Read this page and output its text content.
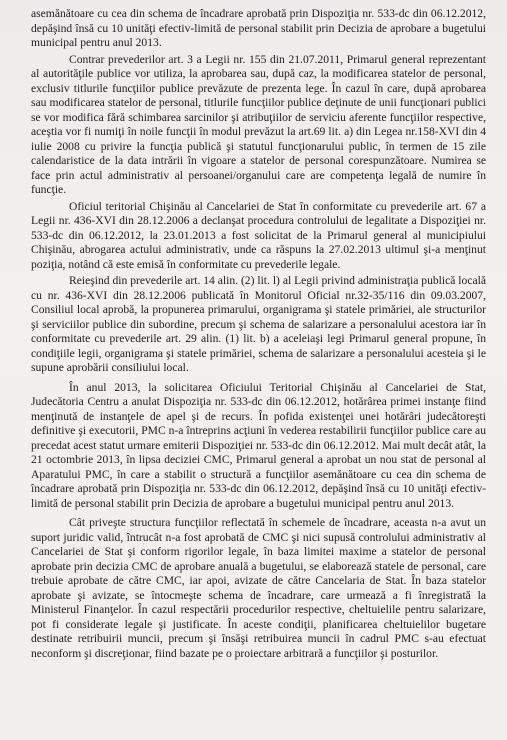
asemănătoare cu cea din schema de încadrare aprobată prin Dispoziţia nr. 533-dc din 06.12.2012, depăşind însă cu 10 unităţi efectiv-limită de personal stabilit prin Decizia de aprobare a bugetului municipal pentru anul 2013.

Contrar prevederilor art. 3 a Legii nr. 155 din 21.07.2011, Primarul general reprezentant al autorităţile publice vor utiliza, la aprobarea sau, după caz, la modificarea statelor de personal, exclusiv titlurile funcţiilor publice prevăzute de prezenta lege. În cazul în care, după aprobarea sau modificarea statelor de personal, titlurile funcţiilor publice deţinute de unii funcţionari publici se vor modifica fără schimbarea sarcinilor şi atribuţiilor de serviciu aferente funcţiilor respective, aceştia vor fi numiţi în noile funcţii în modul prevăzut la art.69 lit. a) din Legea nr.158-XVI din 4 iulie 2008 cu privire la funcţia publică şi statutul funcţionarului public, în termen de 15 zile calendaristice de la data intrării în vigoare a statelor de personal corespunzătoare. Numirea se face prin actul administrativ al persoanei/organului care are competenţa legală de numire în funcţie.

Oficiul teritorial Chişinău al Cancelariei de Stat în conformitate cu prevederile art. 67 a Legii nr. 436-XVI din 28.12.2006 a declanşat procedura controlului de legalitate a Dispoziţiei nr. 533-dc din 06.12.2012, la 23.01.2013 a fost solicitat de la Primarul general al municipiului Chişinău, abrogarea actului administrativ, unde ca răspuns la 27.02.2013 ultimul şi-a menţinut poziţia, notând că este emisă în conformitate cu prevederile legale.

Reieşind din prevederile art. 14 alin. (2) lit. l) al Legii privind administraţia publică locală cu nr. 436-XVI din 28.12.2006 publicată în Monitorul Oficial nr.32-35/116 din 09.03.2007, Consiliul local aprobă, la propunerea primarului, organigrama şi statele primăriei, ale structurilor şi serviciilor publice din subordine, precum şi schema de salarizare a personalului acestora iar în conformitate cu prevederile art. 29 alin. (1) lit. b) a aceleiaşi legi Primarul general propune, în condiţiile legii, organigrama şi statele primăriei, schema de salarizare a personalului acesteia şi le supune aprobării consiliului local.

În anul 2013, la solicitarea Oficiului Teritorial Chişinău al Cancelariei de Stat, Judecătoria Centru a anulat Dispoziţia nr. 533-dc din 06.12.2012, hotărârea primei instanţe fiind menţinută de instanţele de apel şi de recurs. În pofida existenţei unei hotărâri judecătoreşti definitive şi executorii, PMC n-a întreprins acţiuni în vederea restabilirii funcţiilor publice care au precedat acest statut urmare emiterii Dispoziţiei nr. 533-dc din 06.12.2012. Mai mult decât atât, la 21 octombrie 2013, în lipsa deciziei CMC, Primarul general a aprobat un nou stat de personal al Aparatului PMC, în care a stabilit o structură a funcţiilor asemănătoare cu cea din schema de încadrare aprobată prin Dispoziţia nr. 533-dc din 06.12.2012, depăşind însă cu 10 unităţi efectiv-limită de personal stabilit prin Decizia de aprobare a bugetului municipal pentru anul 2013.

Cât priveşte structura funcţiilor reflectată în schemele de încadrare, aceasta n-a avut un suport juridic valid, întrucât n-a fost aprobată de CMC şi nici supusă controlului administrativ al Cancelariei de Stat şi conform rigorilor legale, în baza limitei maxime a statelor de personal aprobate prin decizia CMC de aprobare anuală a bugetului, se elaborează statele de personal, care trebuie aprobate de către CMC, iar apoi, avizate de către Cancelaria de Stat. În baza statelor aprobate şi avizate, se întocmeşte schema de încadrare, care urmează a fi înregistrată la Ministerul Finanţelor. În cazul respectării procedurilor respective, cheltuielile pentru salarizare, pot fi considerate legale şi justificate. În aceste condiţii, planificarea cheltuielilor bugetare destinate retribuirii muncii, precum şi însăşi retribuirea muncii în cadrul PMC s-au efectuat neconform şi discreţionar, fiind bazate pe o proiectare arbitrară a funcţiilor şi posturilor.
